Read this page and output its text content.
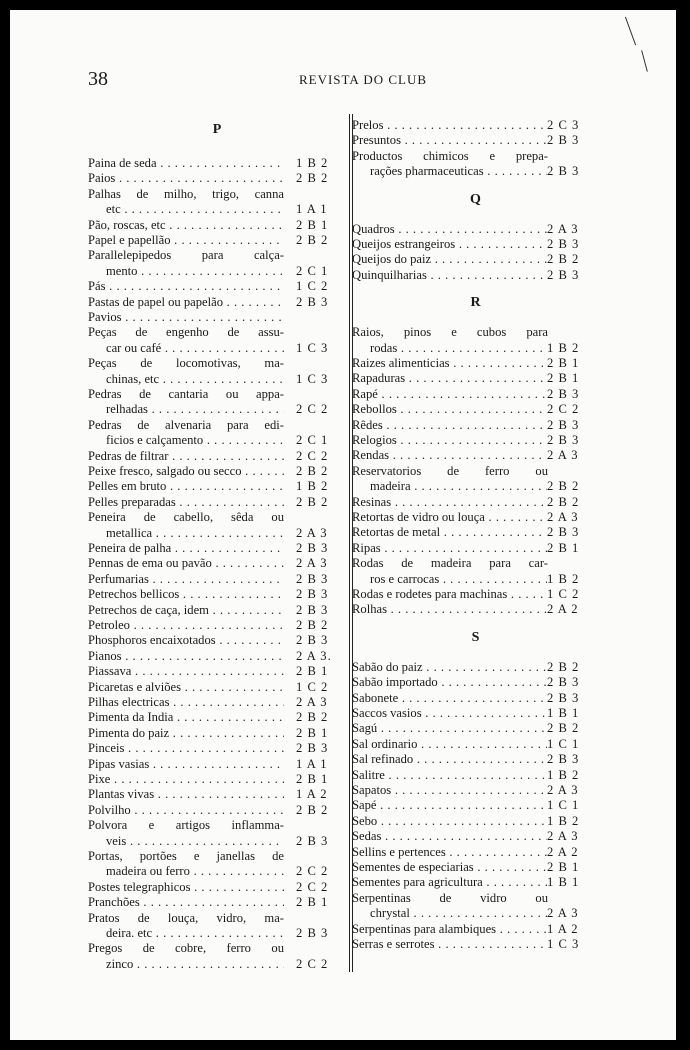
38	REVISTA DO CLUB
P
Paina de seda . . .	1 B 2
Paios . . .	2 B 2
Palhas de milho, trigo, canna
etc . . .	1 A 1
Pão, roscas, etc . . .	2 B 1
Papel e papellão . . .	2 B 2
Parallelepipedos para calça-
mento . . .	2 C 1
Pás . . .	1 C 2
Pastas de papel ou papelão . . .	2 B 3
Pavios . . .
Peças de engenho de assu-
car ou café . . .	1 C 3
Peças de locomotivas, ma-
chinas, etc . . .	1 C 3
Pedras de cantaria ou appa-
relhadas . . .	2 C 2
Pedras de alvenaria para edi-
ficios e calçamento . . .	2 C 1
Pedras de filtrar . . .	2 C 2
Peixe fresco, salgado ou secco . . .	2 B 2
Pelles em bruto . . .	1 B 2
Pelles preparadas . . .	2 B 2
Peneira de cabello, sêda ou
metallica . . .	2 A 3
Peneira de palha . . .	2 B 3
Pennas de ema ou pavão . . .	2 A 3
Perfumarias . . .	2 B 3
Petrechos bellicos . . .	2 B 3
Petrechos de caça, idem . . .	2 B 3
Petroleo . . .	2 B 2
Phosphoros encaixotados . . .	2 B 3
Pianos . . .	2 A 3.
Piassava . . .	2 B 1
Picaretas e alviões . . .	1 C 2
Pilhas electricas . . .	2 A 3
Pimenta da India . . .	2 B 2
Pimenta do paiz . . .	2 B 1
Pinceis . . .	2 B 3
Pipas vasias . . .	1 A 1
Pixe . . .	2 B 1
Plantas vivas . . .	1 A 2
Polvilho . . .	2 B 2
Polvora e artigos inflamma-
veis . . .	2 B 3
Portas, portões e janellas de
madeira ou ferro . . .	2 C 2
Postes telegraphicos . . .	2 C 2
Pranchões . . .	2 B 1
Pratos de louça, vidro, ma-
deira. etc . . .	2 B 3
Pregos de cobre, ferro ou
zinco . . .	2 C 2
Prelos . . .	2 C 3
Presuntos . . .	2 B 3
Productos chimicos e prepa-
rações pharmaceuticas . . .	2 B 3
Q
Quadros . . .	2 A 3
Queijos estrangeiros . . .	2 B 3
Queijos do paiz . . .	2 B 2
Quinquilharias . . .	2 B 3
R
Raios, pinos e cubos para
rodas . . .	1 B 2
Raizes alimenticias . . .	2 B 1
Rapaduras . . .	2 B 1
Rapé . . .	2 B 3
Rebollos . . .	2 C 2
Rêdes . . .	2 B 3
Relogios . . .	2 B 3
Rendas . . .	2 A 3
Reservatorios de ferro ou
madeira . . .	2 B 2
Resinas . . .	2 B 2
Retortas de vidro ou louça . . .	2 A 3
Retortas de metal . . .	2 B 3
Ripas . . .	2 B 1
Rodas de madeira para car-
ros e carrocas . . .	1 B 2
Rodas e rodetes para machinas . . .	1 C 2
Rolhas . . .	2 A 2
S
Sabão do paiz . . .	2 B 2
Sabão importado . . .	2 B 3
Sabonete . . .	2 B 3
Saccos vasios . . .	1 B 1
Sagú . . .	2 B 2
Sal ordinario . . .	1 C 1
Sal refinado . . .	2 B 3
Salitre . . .	1 B 2
Sapatos . . .	2 A 3
Sapé . . .	1 C 1
Sebo . . .	1 B 2
Sedas . . .	2 A 3
Sellins e pertences . . .	2 A 2
Sementes de especiarias . . .	2 B 1
Sementes para agricultura . . .	1 B 1
Serpentinas de vidro ou
chrystal . . .	2 A 3
Serpentinas para alambiques . . .	1 A 2
Serras e serrotes . . .	1 C 3
